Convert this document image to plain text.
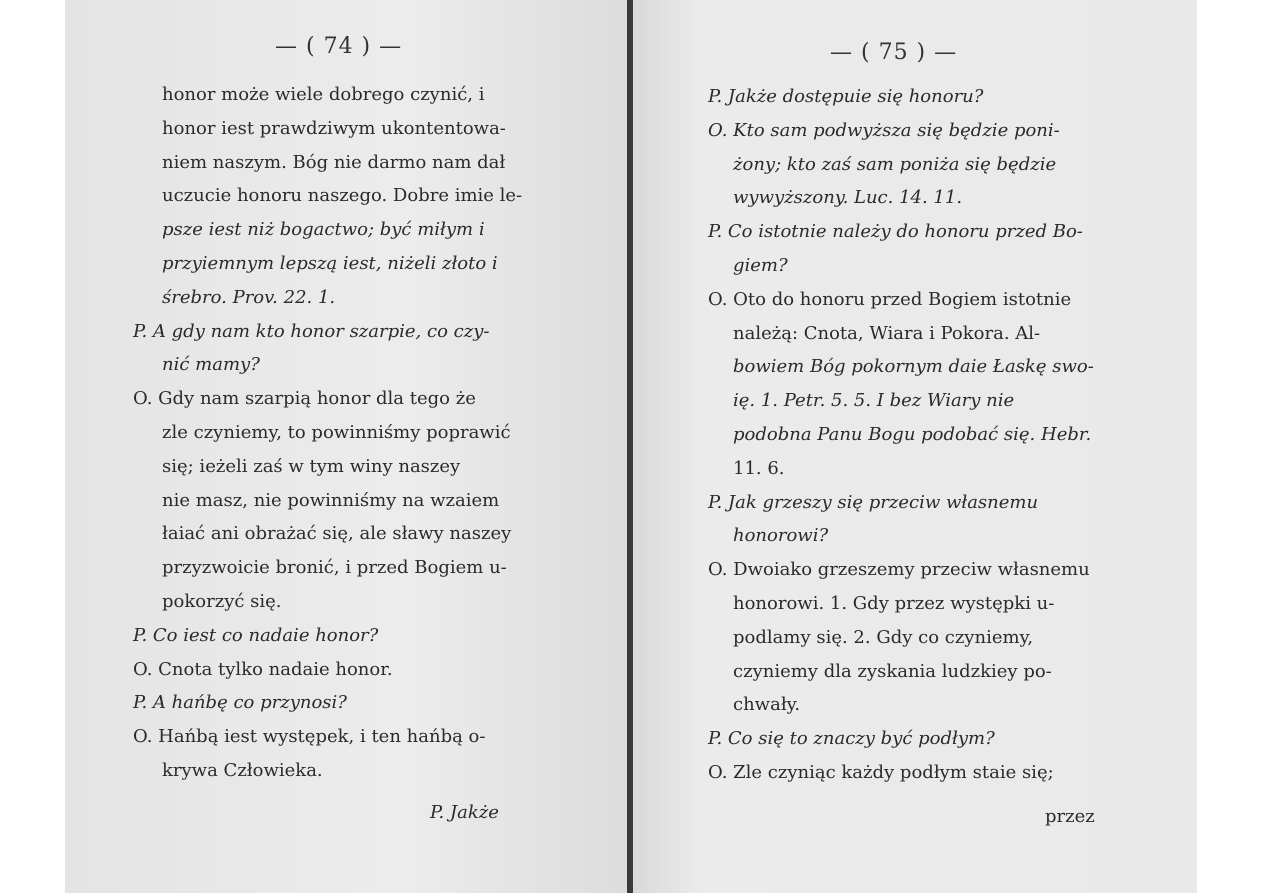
— ( 74 ) —	— ( 75 ) —
honor może wiele dobrego czynić, i
honor iest prawdziwym ukontentowa-
niem naszym. Bóg nie darmo nam dał
uczucie honoru naszego. Dobre imie le-
psze iest niż bogactwo; być miłym i
przyiemnym lepszą iest, niżeli złoto i
śrebro. Prov. 22. 1.
P. A gdy nam kto honor szarpie, co czy-
nić mamy?
O. Gdy nam szarpią honor dla tego że
zle czyniemy, to powinniśmy poprawić
się; ieżeli zaś w tym winy naszey
nie masz, nie powinniśmy na wzaiem
łaiać ani obrażać się, ale sławy naszey
przyzwoicie bronić, i przed Bogiem u-
pokorzyć się.
P. Co iest co nadaie honor?
O. Cnota tylko nadaie honor.
P. A hańbę co przynosi?
O. Hańbą iest występek, i ten hańbą o-
krywa Człowieka.
P. Jakże dostępuie się honoru?
O. Kto sam podwyższa się będzie poni-
żony; kto zaś sam poniża się będzie
wywyższony. Luc. 14. 11.
P. Co istotnie należy do honoru przed Bo-
giem?
O. Oto do honoru przed Bogiem istotnie
należą: Cnota, Wiara i Pokora. Al-
bowiem Bóg pokornym daie Łaskę swo-
ię. 1. Petr. 5. 5. I bez Wiary nie
podobna Panu Bogu podobać się. Hebr.
11. 6.
P. Jak grzeszy się przeciw własnemu
honorowi?
O. Dwoiako grzeszemy przeciw własnemu
honorowi. 1. Gdy przez występki u-
podlamy się. 2. Gdy co czyniemy,
czyniemy dla zyskania ludzkiey po-
chwały.
P. Co się to znaczy być podłym?
O. Zle czyniąc każdy podłym staie się;
P. Jakże	przez
